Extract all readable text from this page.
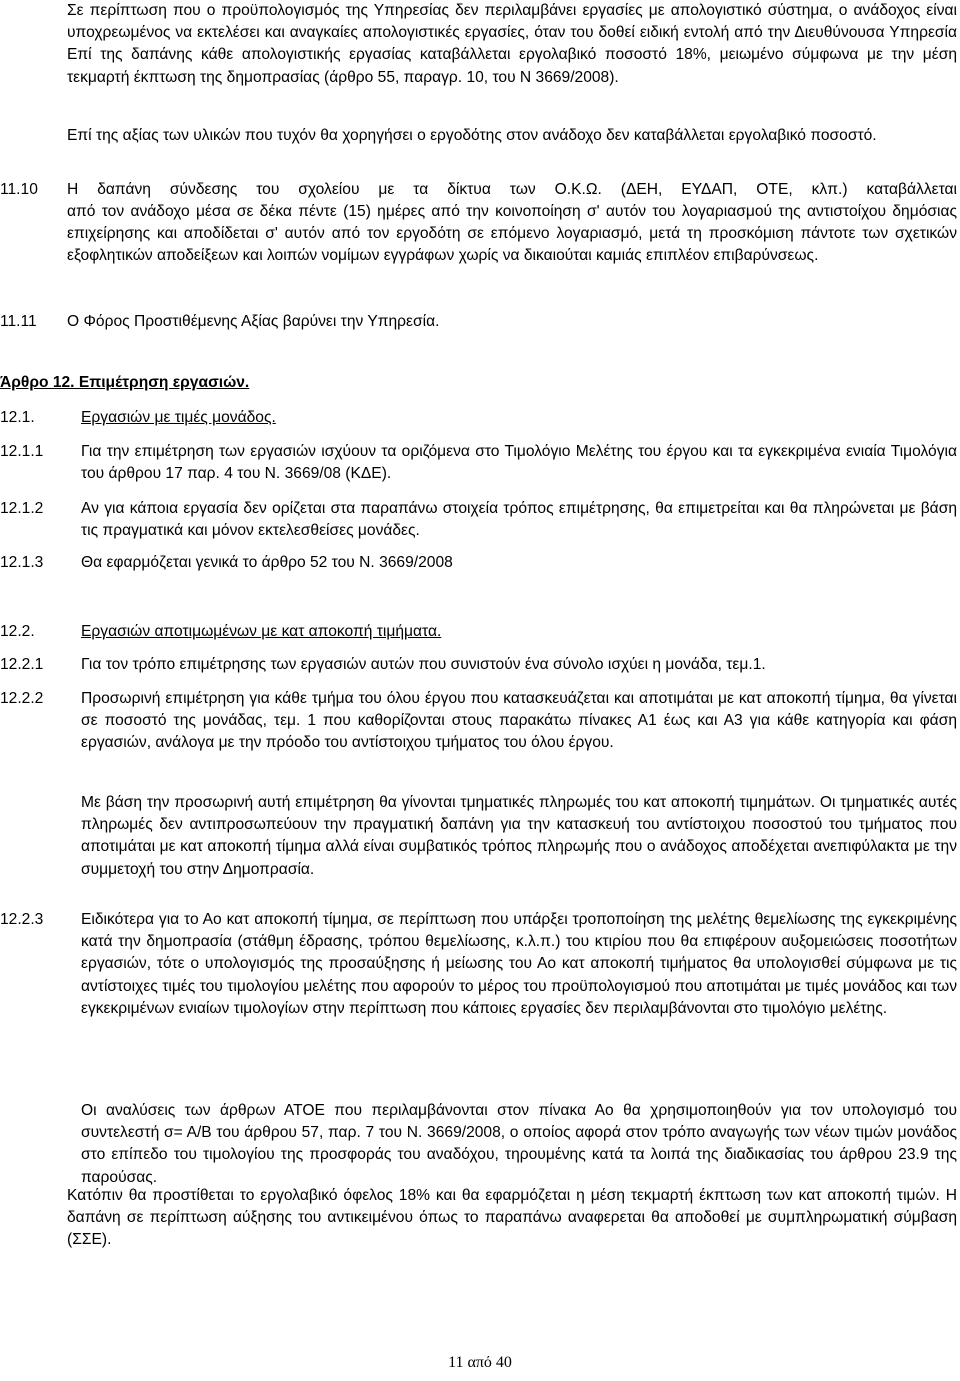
Σε περίπτωση που ο προϋπολογισμός της Υπηρεσίας δεν περιλαμβάνει εργασίες με απολογιστικό σύστημα, ο ανάδοχος είναι υποχρεωμένος να εκτελέσει και αναγκαίες απολογιστικές εργασίες, όταν του δοθεί ειδική εντολή από την Διευθύνουσα Υπηρεσία Επί της δαπάνης κάθε απολογιστικής εργασίας καταβάλλεται εργολαβικό ποσοστό 18%, μειωμένο σύμφωνα με την μέση τεκμαρτή έκπτωση της δημοπρασίας (άρθρο 55, παραγρ. 10, του Ν 3669/2008).

Επί της αξίας των υλικών που τυχόν θα χορηγήσει ο εργοδότης στον ανάδοχο δεν καταβάλλεται εργολαβικό ποσοστό.

11.10 Η δαπάνη σύνδεσης του σχολείου με τα δίκτυα των Ο.Κ.Ω. (ΔΕΗ, ΕΥΔΑΠ, ΟΤΕ, κλπ.) καταβάλλεται

από τον ανάδοχο μέσα σε δέκα πέντε (15) ημέρες από την κοινοποίηση σ' αυτόν του λογαριασμού της αντιστοίχου δημόσιας επιχείρησης και αποδίδεται σ' αυτόν από τον εργοδότη σε επόμενο λογαριασμό, μετά τη προσκόμιση πάντοτε των σχετικών εξοφλητικών αποδείξεων και λοιπών νομίμων εγγράφων χωρίς να δικαιούται καμιάς επιπλέον επιβαρύνσεως.

11.11 Ο Φόρος Προστιθέμενης Αξίας βαρύνει την Υπηρεσία.
Άρθρο 12. Επιμέτρηση εργασιών.
12.1.	Εργασιών με τιμές μονάδος.
12.1.1 Για την επιμέτρηση των εργασιών ισχύουν τα οριζόμενα στο Τιμολόγιο Μελέτης του έργου και τα εγκεκριμένα ενιαία Τιμολόγια του άρθρου 17 παρ. 4 του Ν. 3669/08 (ΚΔΕ).
12.1.2 Αν για κάποια εργασία δεν ορίζεται στα παραπάνω στοιχεία τρόπος επιμέτρησης, θα επιμετρείται και θα πληρώνεται με βάση τις πραγματικά και μόνον εκτελεσθείσες μονάδες.
12.1.3 Θα εφαρμόζεται γενικά το άρθρο 52 του Ν. 3669/2008
12.2.	Εργασιών αποτιμωμένων με κατ αποκοπή τιμήματα.
12.2.1 Για τον τρόπο επιμέτρησης των εργασιών αυτών που συνιστούν ένα σύνολο ισχύει η μονάδα, τεμ.1.
12.2.2 Προσωρινή επιμέτρηση για κάθε τμήμα του όλου έργου που κατασκευάζεται και αποτιμάται με κατ αποκοπή τίμημα, θα γίνεται σε ποσοστό της μονάδας, τεμ. 1 που καθορίζονται στους παρακάτω πίνακες Α1 έως και Α3 για κάθε κατηγορία και φάση εργασιών, ανάλογα με την πρόοδο του αντίστοιχου τμήματος του όλου έργου.

Με βάση την προσωρινή αυτή επιμέτρηση θα γίνονται τμηματικές πληρωμές του κατ αποκοπή τιμημάτων. Οι τμηματικές αυτές πληρωμές δεν αντιπροσωπεύουν την πραγματική δαπάνη για την κατασκευή του αντίστοιχου ποσοστού του τμήματος που αποτιμάται με κατ αποκοπή τίμημα αλλά είναι συμβατικός τρόπος πληρωμής που ο ανάδοχος αποδέχεται ανεπιφύλακτα με την συμμετοχή του στην Δημοπρασία.

12.2.3 Ειδικότερα για το Αο κατ αποκοπή τίμημα, σε περίπτωση που υπάρξει τροποποίηση της μελέτης θεμελίωσης της εγκεκριμένης κατά την δημοπρασία (στάθμη έδρασης, τρόπου θεμελίωσης, κ.λ.π.) του κτιρίου που θα επιφέρουν αυξομειώσεις ποσοτήτων εργασιών, τότε ο υπολογισμός της προσαύξησης ή μείωσης του Αο κατ αποκοπή τιμήματος θα υπολογισθεί σύμφωνα με τις αντίστοιχες τιμές του τιμολογίου μελέτης που αφορούν το μέρος του προϋπολογισμού που αποτιμάται με τιμές μονάδος και των εγκεκριμένων ενιαίων τιμολογίων στην περίπτωση που κάποιες εργασίες δεν περιλαμβάνονται στο τιμολόγιο μελέτης.

Οι αναλύσεις των άρθρων ΑΤΟΕ που περιλαμβάνονται στον πίνακα Αο θα χρησιμοποιηθούν για τον υπολογισμό του συντελεστή σ= Α/Β του άρθρου 57, παρ. 7 του Ν. 3669/2008, ο οποίος αφορά στον τρόπο αναγωγής των νέων τιμών μονάδος στο επίπεδο του τιμολογίου της προσφοράς του αναδόχου, τηρουμένης κατά τα λοιπά της διαδικασίας του άρθρου 23.9 της παρούσας.

Κατόπιν θα προστίθεται το εργολαβικό όφελος 18% και θα εφαρμόζεται η μέση τεκμαρτή έκπτωση των κατ αποκοπή τιμών. Η δαπάνη σε περίπτωση αύξησης του αντικειμένου όπως το παραπάνω αναφερεται θα αποδοθεί με συμπληρωματική σύμβαση (ΣΣΕ).

11 από 40
